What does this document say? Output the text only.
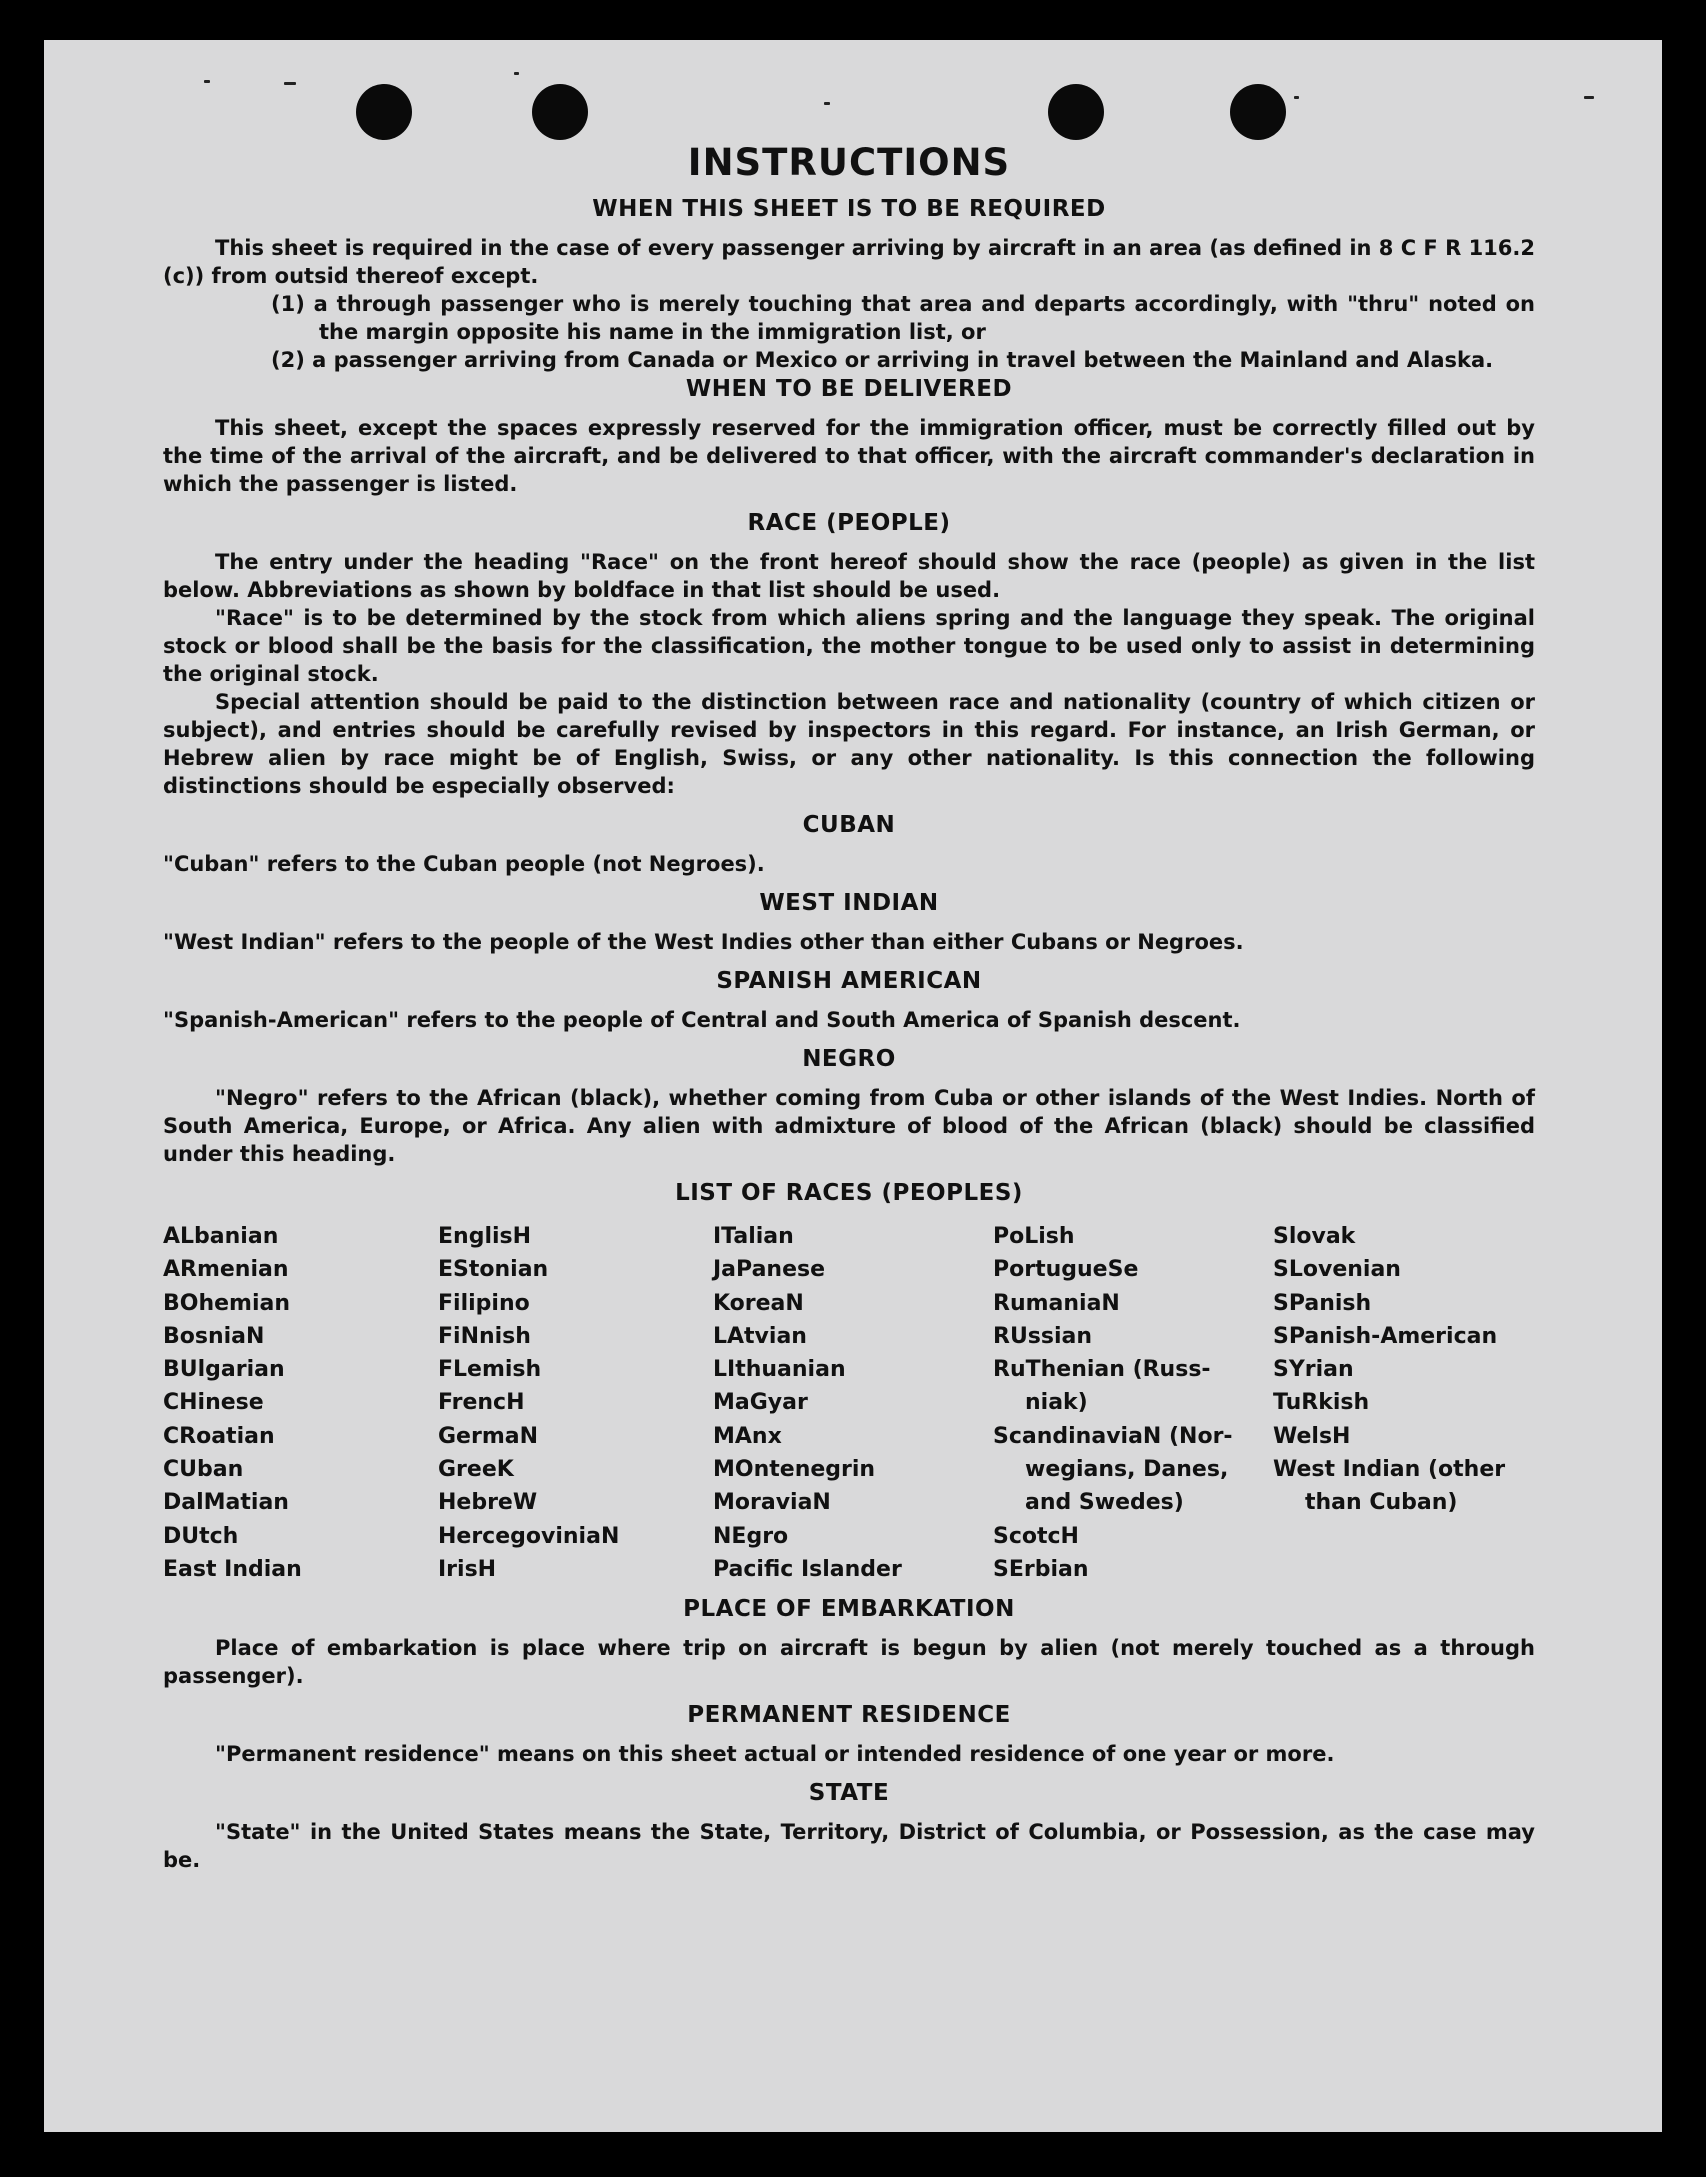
INSTRUCTIONS
WHEN THIS SHEET IS TO BE REQUIRED

This sheet is required in the case of every passenger arriving by aircraft in an area (as defined in 8 C F R 116.2 (c)) from outsid thereof except.

(1) a through passenger who is merely touching that area and departs accordingly, with "thru" noted on the margin opposite his name in the immigration list, or

(2) a passenger arriving from Canada or Mexico or arriving in travel between the Mainland and Alaska.

WHEN TO BE DELIVERED

This sheet, except the spaces expressly reserved for the immigration officer, must be correctly filled out by the time of the arrival of the aircraft, and be delivered to that officer, with the aircraft commander's declaration in which the passenger is listed.

RACE (PEOPLE)

The entry under the heading "Race" on the front hereof should show the race (people) as given in the list below. Abbreviations as shown by boldface in that list should be used.

"Race" is to be determined by the stock from which aliens spring and the language they speak. The original stock or blood shall be the basis for the classification, the mother tongue to be used only to assist in determining the original stock.

Special attention should be paid to the distinction between race and nationality (country of which citizen or subject), and entries should be carefully revised by inspectors in this regard. For instance, an Irish German, or Hebrew alien by race might be of English, Swiss, or any other nationality. Is this connection the following distinctions should be especially observed:

CUBAN

"Cuban" refers to the Cuban people (not Negroes).

WEST INDIAN

"West Indian" refers to the people of the West Indies other than either Cubans or Negroes.

SPANISH AMERICAN

"Spanish-American" refers to the people of Central and South America of Spanish descent.

NEGRO

"Negro" refers to the African (black), whether coming from Cuba or other islands of the West Indies. North of South America, Europe, or Africa. Any alien with admixture of blood of the African (black) should be classified under this heading.

LIST OF RACES (PEOPLES)
ALbanian
ARmenian
BOhemian
BosniaN
BUlgarian
CHinese
CRoatian
CUban
DalMatian
DUtch
East Indian
EnglisH
EStonian
Filipino
FiNnish
FLemish
FrencH
GermaN
GreeK
HebreW
HercegoviniaN
IrisH
ITalian
JaPanese
KoreaN
LAtvian
LIthuanian
MaGyar
MAnx
MOntenegrin
MoraviaN
NEgro
Pacific Islander
PoLish
PortugueSe
RumaniaN
RUssian
RuThenian (Russ-
niak)
ScandinaviaN (Nor-
wegians, Danes,
and Swedes)
ScotcH
SErbian
Slovak
SLovenian
SPanish
SPanish-American
SYrian
TuRkish
WelsH
West Indian (other
than Cuban)
PLACE OF EMBARKATION

Place of embarkation is place where trip on aircraft is begun by alien (not merely touched as a through passenger).

PERMANENT RESIDENCE

"Permanent residence" means on this sheet actual or intended residence of one year or more.

STATE

"State" in the United States means the State, Territory, District of Columbia, or Possession, as the case may be.
